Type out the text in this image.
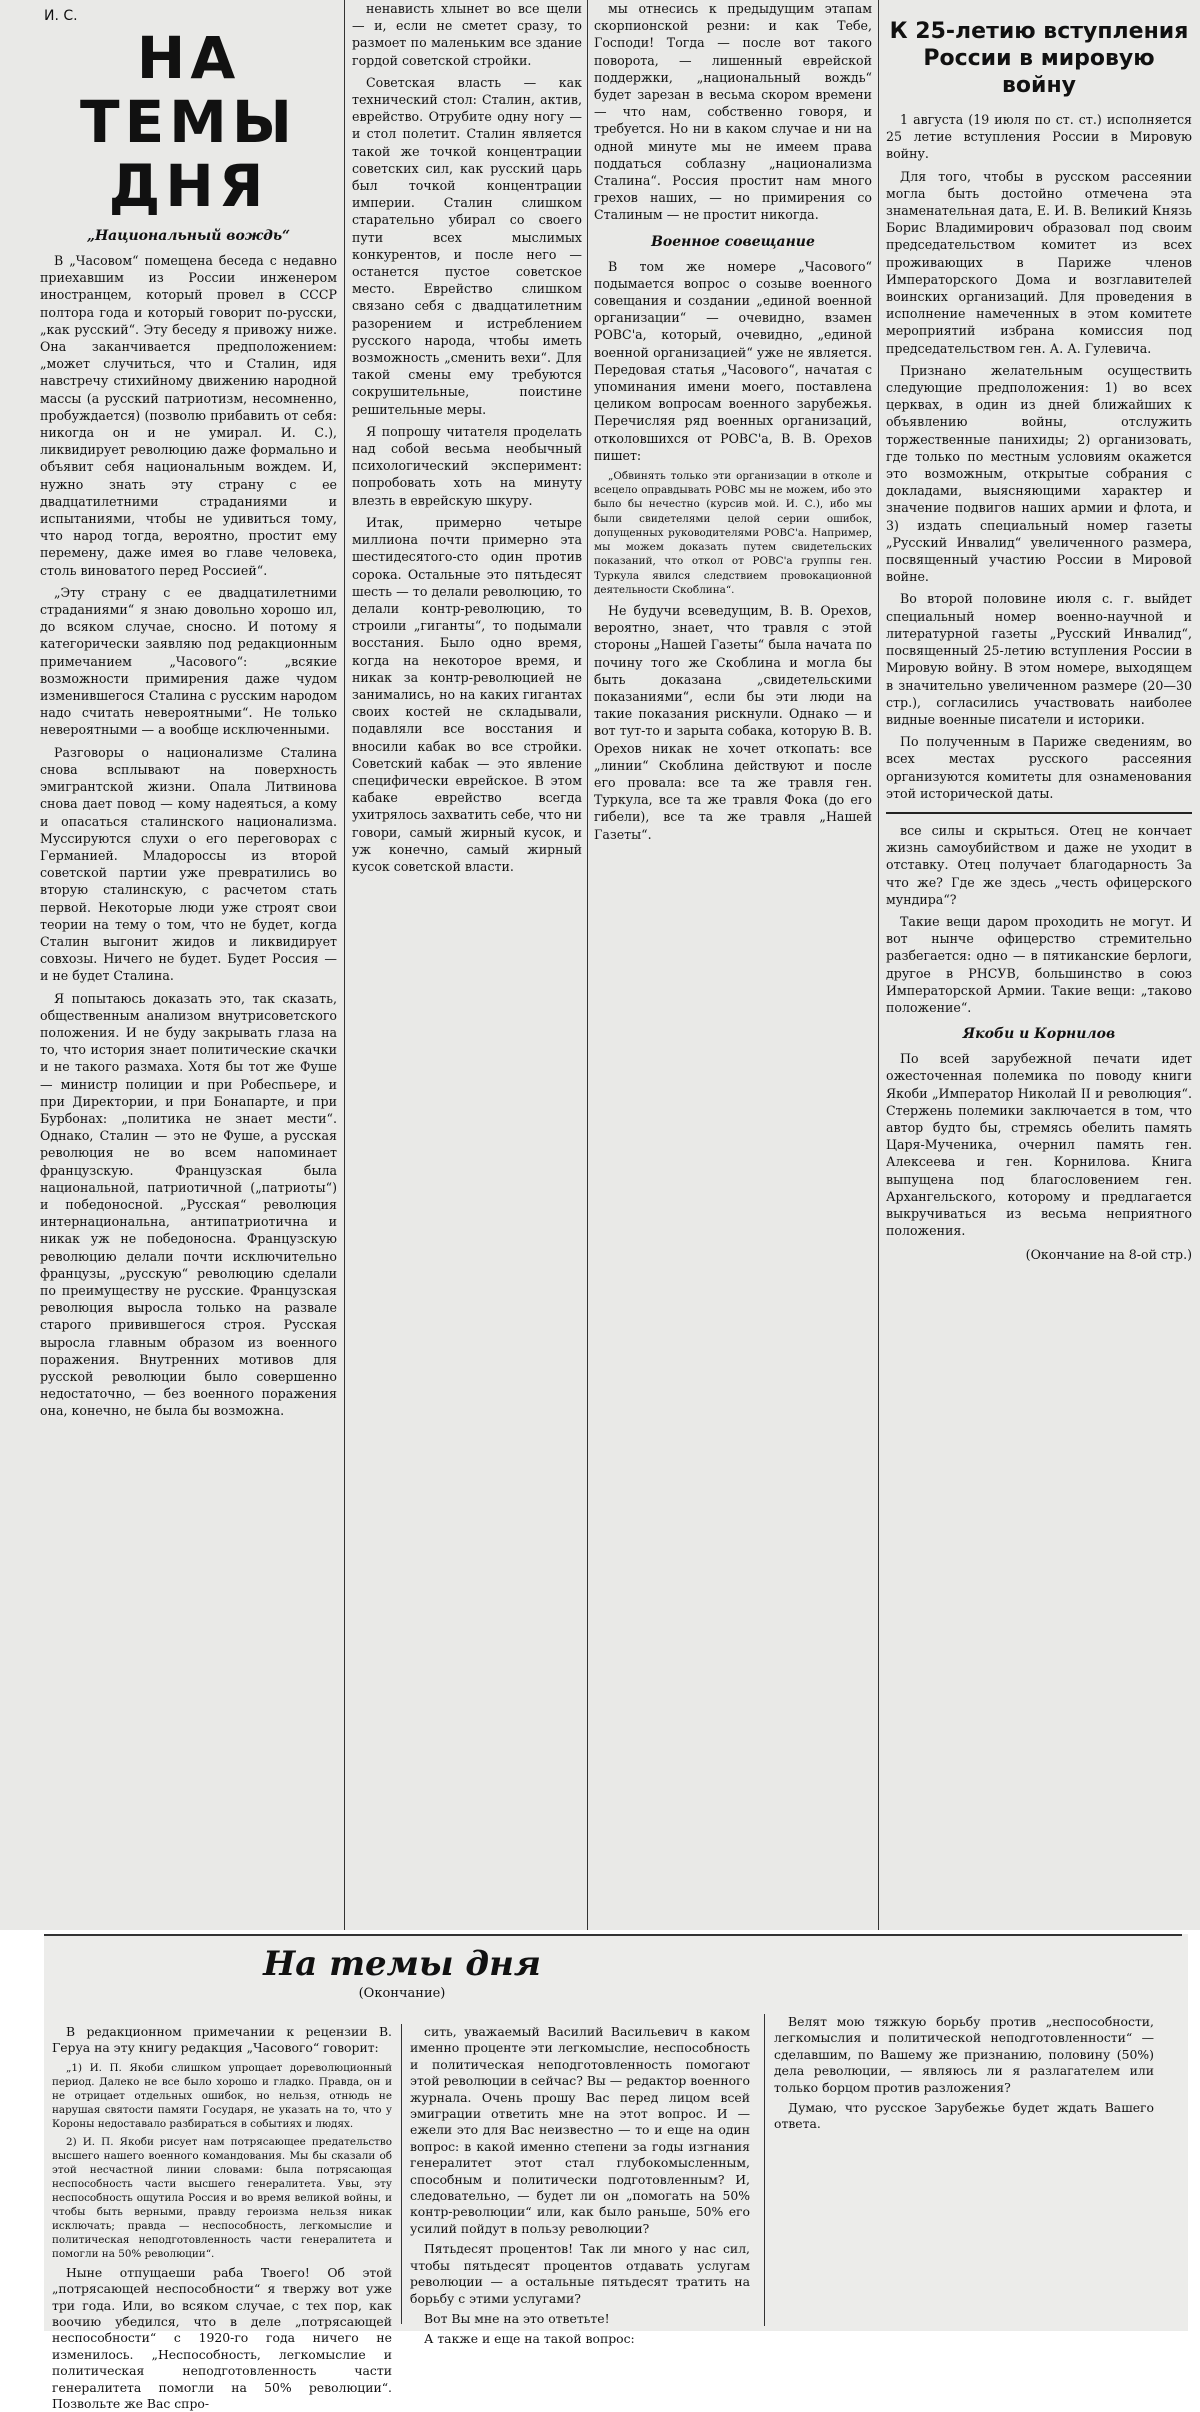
И. С.
НА ТЕМЫ ДНЯ
„Национальный вождь“

В „Часовом“ помещена беседа с недавно приехавшим из России инженером иностранцем, который провел в СССР полтора года и который говорит по-русски, „как русский“. Эту беседу я привожу ниже. Она заканчивается предположением: „может случиться, что и Сталин, идя навстречу стихийному движению народной массы (а русский патриотизм, несомненно, пробуждается) (позволю прибавить от себя: никогда он и не умирал. И. С.), ликвидирует революцию даже формально и объявит себя национальным вождем. И, нужно знать эту страну с ее двадцатилетними страданиями и испытаниями, чтобы не удивиться тому, что народ тогда, вероятно, простит ему перемену, даже имея во главе человека, столь виноватого перед Россией“.

„Эту страну с ее двадцатилетними страданиями“ я знаю довольно хорошо ил, до всяком случае, сносно. И потому я категорически заявляю под редакционным примечанием „Часового“: „всякие возможности примирения даже чудом изменившегося Сталина с русским народом надо считать невероятными“. Не только невероятными — а вообще исключенными.

Разговоры о национализме Сталина снова всплывают на поверхность эмигрантской жизни. Опала Литвинова снова дает повод — кому надеяться, а кому и опасаться сталинского национализма. Муссируются слухи о его переговорах с Германией. Младороссы из второй советской партии уже превратились во вторую сталинскую, с расчетом стать первой. Некоторые люди уже строят свои теории на тему о том, что не будет, когда Сталин выгонит жидов и ликвидирует совхозы. Ничего не будет. Будет Россия — и не будет Сталина.

Я попытаюсь доказать это, так сказать, общественным анализом внутрисоветского положения. И не буду закрывать глаза на то, что история знает политические скачки и не такого размаха. Хотя бы тот же Фуше — министр полиции и при Робеспьере, и при Директории, и при Бонапарте, и при Бурбонах: „политика не знает мести“. Однако, Сталин — это не Фуше, а русская революция не во всем напоминает французскую. Французская была национальной, патриотичной („патриоты“) и победоносной. „Русская“ революция интернациональна, антипатриотична и никак уж не победоносна. Французскую революцию делали почти исключительно французы, „русскую“ революцию сделали по преимуществу не русские. Французская революция выросла только на развале старого привившегося строя. Русская выросла главным образом из военного поражения. Внутренних мотивов для русской революции было совершенно недостаточно, — без военного поражения она, конечно, не была бы возможна.

ненависть хлынет во все щели — и, если не сметет сразу, то размоет по маленьким все здание гордой советской стройки.

Советская власть — как технический стол: Сталин, актив, еврейство. Отрубите одну ногу — и стол полетит. Сталин является такой же точкой концентрации советских сил, как русский царь был точкой концентрации империи. Сталин слишком старательно убирал со своего пути всех мыслимых конкурентов, и после него — останется пустое советское место. Еврейство слишком связано себя с двадцатилетним разорением и истреблением русского народа, чтобы иметь возможность „сменить вехи“. Для такой смены ему требуются сокрушительные, поистине решительные меры.

Я попрошу читателя проделать над собой весьма необычный психологический эксперимент: попробовать хоть на минуту влезть в еврейскую шкуру.

Итак, примерно четыре миллиона почти примерно эта шестидесятого-сто один против сорока. Остальные это пятьдесят шесть — то делали революцию, то делали контр-революцию, то строили „гиганты“, то подымали восстания. Было одно время, когда на некоторое время, и никак за контр-революцией не занимались, но на каких гигантах своих костей не складывали, подавляли все восстания и вносили кабак во все стройки. Советский кабак — это явление специфически еврейское. В этом кабаке еврейство всегда ухитрялось захватить себе, что ни говори, самый жирный кусок, и уж конечно, самый жирный кусок советской власти.

мы отнесись к предыдущим этапам скорпионской резни: и как Тебе, Господи! Тогда — после вот такого поворота, — лишенный еврейской поддержки, „национальный вождь“ будет зарезан в весьма скором времени — что нам, собственно говоря, и требуется. Но ни в каком случае и ни на одной минуте мы не имеем права поддаться соблазну „национализма Сталина“. Россия простит нам много грехов наших, — но примирения со Сталиным — не простит никогда.

Военное совещание

В том же номере „Часового“ подымается вопрос о созыве военного совещания и создании „единой военной организации“ — очевидно, взамен РОВС'а, который, очевидно, „единой военной организацией“ уже не является. Передовая статья „Часового“, начатая с упоминания имени моего, поставлена целиком вопросам военного зарубежья. Перечисляя ряд военных организаций, отколовшихся от РОВС'а, В. В. Орехов пишет:

„Обвинять только эти организации в отколе и всецело оправдывать РОВС мы не можем, ибо это было бы нечестно (курсив мой. И. С.), ибо мы были свидетелями целой серии ошибок, допущенных руководителями РОВС'а. Например, мы можем доказать путем свидетельских показаний, что откол от РОВС'а группы ген. Туркула явился следствием провокационной деятельности Скоблина“.

Не будучи всеведущим, В. В. Орехов, вероятно, знает, что травля с этой стороны „Нашей Газеты“ была начата по почину того же Скоблина и могла бы быть доказана „свидетельскими показаниями“, если бы эти люди на такие показания рискнули. Однако — и вот тут-то и зарыта собака, которую В. В. Орехов никак не хочет откопать: все „линии“ Скоблина действуют и после его провала: все та же травля ген. Туркула, все та же травля Фока (до его гибели), все та же травля „Нашей Газеты“.

К 25-летию вступления России в мировую войну

1 августа (19 июля по ст. ст.) исполняется 25 летие вступления России в Мировую войну.

Для того, чтобы в русском рассеянии могла быть достойно отмечена эта знаменательная дата, Е. И. В. Великий Князь Борис Владимирович образовал под своим председательством комитет из всех проживающих в Париже членов Императорского Дома и возглавителей воинских организаций. Для проведения в исполнение намеченных в этом комитете мероприятий избрана комиссия под председательством ген. А. А. Гулевича.

Признано желательным осуществить следующие предположения: 1) во всех церквах, в один из дней ближайших к объявлению войны, отслужить торжественные панихиды; 2) организовать, где только по местным условиям окажется это возможным, открытые собрания с докладами, выясняющими характер и значение подвигов наших армии и флота, и 3) издать специальный номер газеты „Русский Инвалид“ увеличенного размера, посвященный участию России в Мировой войне.

Во второй половине июля с. г. выйдет специальный номер военно-научной и литературной газеты „Русский Инвалид“, посвященный 25-летию вступления России в Мировую войну. В этом номере, выходящем в значительно увеличенном размере (20—30 стр.), согласились участвовать наиболее видные военные писатели и историки.

По полученным в Париже сведениям, во всех местах русского рассеяния организуются комитеты для ознаменования этой исторической даты.

все силы и скрыться. Отец не кончает жизнь самоубийством и даже не уходит в отставку. Отец получает благодарность За что же? Где же здесь „честь офицерского мундира“?

Такие вещи даром проходить не могут. И вот нынче офицерство стремительно разбегается: одно — в пятиканские берлоги, другое в РНСУВ, большинство в союз Императорской Армии. Такие вещи: „таково положение“.

Якоби и Корнилов

По всей зарубежной печати идет ожесточенная полемика по поводу книги Якоби „Император Николай II и революция“. Стержень полемики заключается в том, что автор будто бы, стремясь обелить память Царя-Мученика, очернил память ген. Алексеева и ген. Корнилова. Книга выпущена под благословением ген. Архангельского, которому и предлагается выкручиваться из весьма неприятного положения.

(Окончание на 8-ой стр.)
На темы дня
(Окончание)

В редакционном примечании к рецензии В. Геруа на эту книгу редакция „Часового“ говорит:

„1) И. П. Якоби слишком упрощает дореволюционный период. Далеко не все было хорошо и гладко. Правда, он и не отрицает отдельных ошибок, но нельзя, отнюдь не нарушая святости памяти Государя, не указать на то, что у Короны недоставало разбираться в событиях и людях.

2) И. П. Якоби рисует нам потрясающее предательство высшего нашего военного командования. Мы бы сказали об этой несчастной линии словами: была потрясающая неспособность части высшего генералитета. Увы, эту неспособность ощутила Россия и во время великой войны, и чтобы быть верными, правду героизма нельзя никак исключать; правда — неспособность, легкомыслие и политическая неподготовленность части генералитета и помогли на 50% революции“.

Ныне отпущаеши раба Твоего! Об этой „потрясающей неспособности“ я твержу вот уже три года. Или, во всяком случае, с тех пор, как воочию убедился, что в деле „потрясающей неспособности“ с 1920-го года ничего не изменилось. „Неспособность, легкомыслие и политическая неподготовленность части генералитета помогли на 50% революции“. Позвольте же Вас спро-

сить, уважаемый Василий Васильевич в каком именно проценте эти легкомыслие, неспособность и политическая неподготовленность помогают этой революции в сейчас? Вы — редактор военного журнала. Очень прошу Вас перед лицом всей эмиграции ответить мне на этот вопрос. И — ежели это для Вас неизвестно — то и еще на один вопрос: в какой именно степени за годы изгнания генералитет этот стал глубокомысленным, способным и политически подготовленным? И, следовательно, — будет ли он „помогать на 50% контр-революции“ или, как было раньше, 50% его усилий пойдут в пользу революции?

Пятьдесят процентов! Так ли много у нас сил, чтобы пятьдесят процентов отдавать услугам революции — а остальные пятьдесят тратить на борьбу с этими услугами?

Вот Вы мне на это ответьте!

А также и еще на такой вопрос:

Велят мою тяжкую борьбу против „неспособности, легкомыслия и политической неподготовленности“ — сделавшим, по Вашему же признанию, половину (50%) дела революции, — являюсь ли я разлагателем или только борцом против разложения?

Думаю, что русское Зарубежье будет ждать Вашего ответа.
